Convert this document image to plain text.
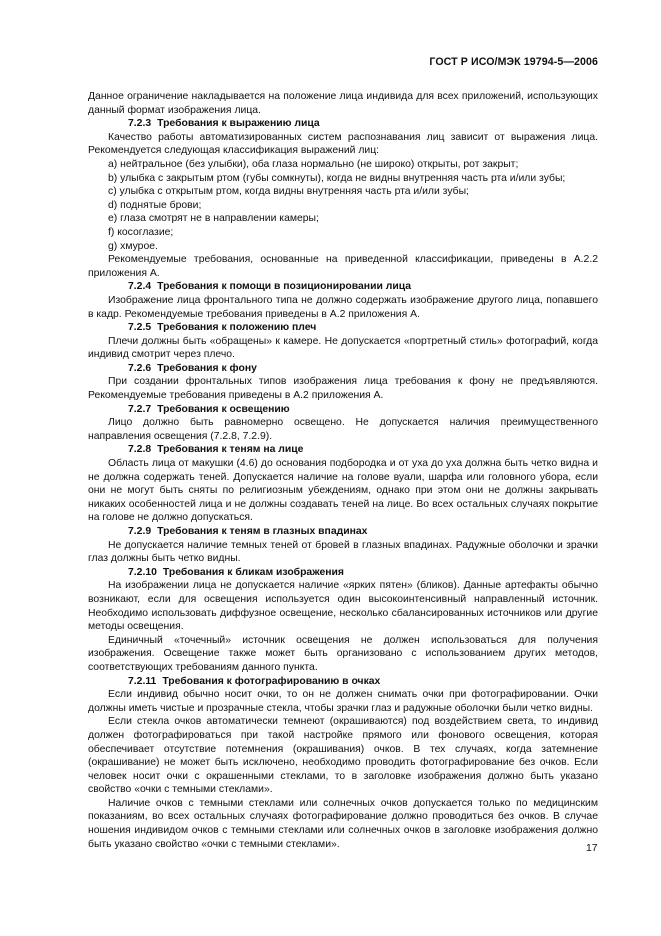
ГОСТ Р ИСО/МЭК 19794-5—2006

Данное ограничение накладывается на положение лица индивида для всех приложений, использующих данный формат изображения лица.

7.2.3 Требования к выражению лица

Качество работы автоматизированных систем распознавания лиц зависит от выражения лица. Рекомендуется следующая классификация выражений лиц:

a) нейтральное (без улыбки), оба глаза нормально (не широко) открыты, рот закрыт;

b) улыбка с закрытым ртом (губы сомкнуты), когда не видны внутренняя часть рта и/или зубы;

c) улыбка с открытым ртом, когда видны внутренняя часть рта и/или зубы;

d) поднятые брови;

e) глаза смотрят не в направлении камеры;

f) косоглазие;

g) хмурое.

Рекомендуемые требования, основанные на приведенной классификации, приведены в А.2.2 приложения А.

7.2.4 Требования к помощи в позиционировании лица

Изображение лица фронтального типа не должно содержать изображение другого лица, попавшего в кадр. Рекомендуемые требования приведены в А.2 приложения А.

7.2.5 Требования к положению плеч

Плечи должны быть «обращены» к камере. Не допускается «портретный стиль» фотографий, когда индивид смотрит через плечо.

7.2.6 Требования к фону

При создании фронтальных типов изображения лица требования к фону не предъявляются. Рекомендуемые требования приведены в А.2 приложения А.

7.2.7 Требования к освещению

Лицо должно быть равномерно освещено. Не допускается наличия преимущественного направления освещения (7.2.8, 7.2.9).

7.2.8 Требования к теням на лице

Область лица от макушки (4.6) до основания подбородка и от уха до уха должна быть четко видна и не должна содержать теней. Допускается наличие на голове вуали, шарфа или головного убора, если они не могут быть сняты по религиозным убеждениям, однако при этом они не должны закрывать никаких особенностей лица и не должны создавать теней на лице. Во всех остальных случаях покрытие на голове не должно допускаться.

7.2.9 Требования к теням в глазных впадинах

Не допускается наличие темных теней от бровей в глазных впадинах. Радужные оболочки и зрачки глаз должны быть четко видны.

7.2.10 Требования к бликам изображения

На изображении лица не допускается наличие «ярких пятен» (бликов). Данные артефакты обычно возникают, если для освещения используется один высокоинтенсивный направленный источник. Необходимо использовать диффузное освещение, несколько сбалансированных источников или другие методы освещения.

Единичный «точечный» источник освещения не должен использоваться для получения изображения. Освещение также может быть организовано с использованием других методов, соответствующих требованиям данного пункта.

7.2.11 Требования к фотографированию в очках

Если индивид обычно носит очки, то он не должен снимать очки при фотографировании. Очки должны иметь чистые и прозрачные стекла, чтобы зрачки глаз и радужные оболочки были четко видны.

Если стекла очков автоматически темнеют (окрашиваются) под воздействием света, то индивид должен фотографироваться при такой настройке прямого или фонового освещения, которая обеспечивает отсутствие потемнения (окрашивания) очков. В тех случаях, когда затемнение (окрашивание) не может быть исключено, необходимо проводить фотографирование без очков. Если человек носит очки с окрашенными стеклами, то в заголовке изображения должно быть указано свойство «очки с темными стеклами».

Наличие очков с темными стеклами или солнечных очков допускается только по медицинским показаниям, во всех остальных случаях фотографирование должно проводиться без очков. В случае ношения индивидом очков с темными стеклами или солнечных очков в заголовке изображения должно быть указано свойство «очки с темными стеклами».	17
